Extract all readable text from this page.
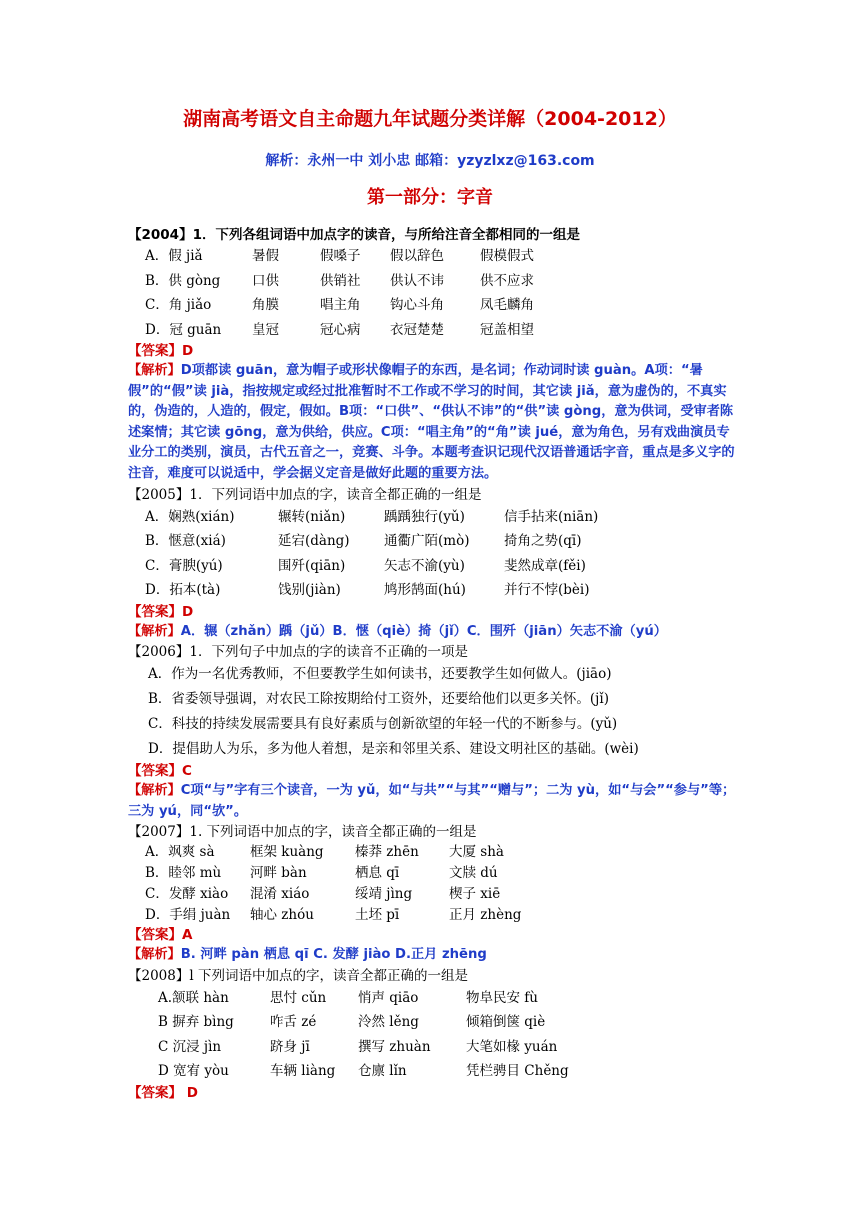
湖南高考语文自主命题九年试题分类详解（2004-2012）
解析：永州一中 刘小忠 邮箱：yzyzlxz@163.com
第一部分：字音
【2004】1．下列各组词语中加点字的读音，与所给注音全都相同的一组是
A．假 jiǎ	暑假	假嗓子 假以辞色	假模假式
B．供 gòng 口供	供销社 供认不讳	供不应求
C．角 jiǎo	角膜	唱主角 钩心斗角	凤毛麟角
D．冠 guān 皇冠	冠心病 衣冠楚楚	冠盖相望
【答案】D
【解析】D项都读 guān，意为帽子或形状像帽子的东西，是名词；作动词时读 guàn。A项：“暑假”的“假”读 jià，指按规定或经过批准暂时不工作或不学习的时间，其它读 jiǎ，意为虚伪的，不真实的，伪造的，人造的，假定，假如。B项：“口供”、“供认不讳”的“供”读 gòng，意为供词，受审者陈述案情；其它读 gōng，意为供给，供应。C项：“唱主角”的“角”读 jué，意为角色，另有戏曲演员专业分工的类别，演员，古代五音之一，竞赛、斗争。本题考查识记现代汉语普通话字音，重点是多义字的注音，难度可以说适中，学会据义定音是做好此题的重要方法。
【2005】1．下列词语中加点的字，读音全都正确的一组是
A．娴熟(xián)	辗转(niǎn)	踽踽独行(yǔ)	信手拈来(niān)
B．惬意(xiá)	延宕(dàng)	通衢广陌(mò)	掎角之势(qī)
C．膏腴(yú)	围歼(qiān)	矢志不渝(yù)	斐然成章(fěi)
D．拓本(tà)	饯别(jiàn)	鸠形鹄面(hú)	并行不悖(bèi)
【答案】D
【解析】A．辗（zhǎn）踽（jǔ）B．惬（qiè）掎（jǐ）C．围歼（jiān）矢志不渝（yú）
【2006】1．下列句子中加点的字的读音不正确的一项是
A．作为一名优秀教师，不但要教学生如何读书，还要教学生如何做人。(jiāo)
B．省委领导强调，对农民工除按期给付工资外，还要给他们以更多关怀。(jǐ)
C．科技的持续发展需要具有良好素质与创新欲望的年轻一代的不断参与。(yǔ)
D．提倡助人为乐，多为他人着想，是亲和邻里关系、建设文明社区的基础。(wèi)
【答案】C
【解析】C项“与”字有三个读音，一为 yǔ，如“与共”“与其”“赠与”；二为 yù，如“与会”“参与”等；三为 yú，同“欤”。
【2007】1. 下列词语中加点的字，读音全都正确的一组是
A．飒爽 sà	框架 kuàng 榛莽 zhēn 大厦 shà
B．睦邻 mù 河畔 bàn	栖息 qī	文牍 dú
C．发酵 xiào 混淆 xiáo	绥靖 jìng	楔子 xiē
D．手绢 juàn 轴心 zhóu	土坯 pī	正月 zhèng
【答案】A
【解析】B. 河畔 pàn 栖息 qī C. 发酵 jiào D.正月 zhēng
【2008】l 下列词语中加点的字，读音全都正确的一组是
A.颔联 hàn	思忖 cǔn 悄声 qiāo	物阜民安 fù
B 摒弃 bìng	咋舌 zé	泠然 lěng	倾箱倒箧 qiè
C 沉浸 jìn	跻身 jī	撰写 zhuàn	大笔如椽 yuán
D 宽宥 yòu	车辆 liàng 仓廪 lǐn	凭栏骋目 Chěng
【答案】 D
